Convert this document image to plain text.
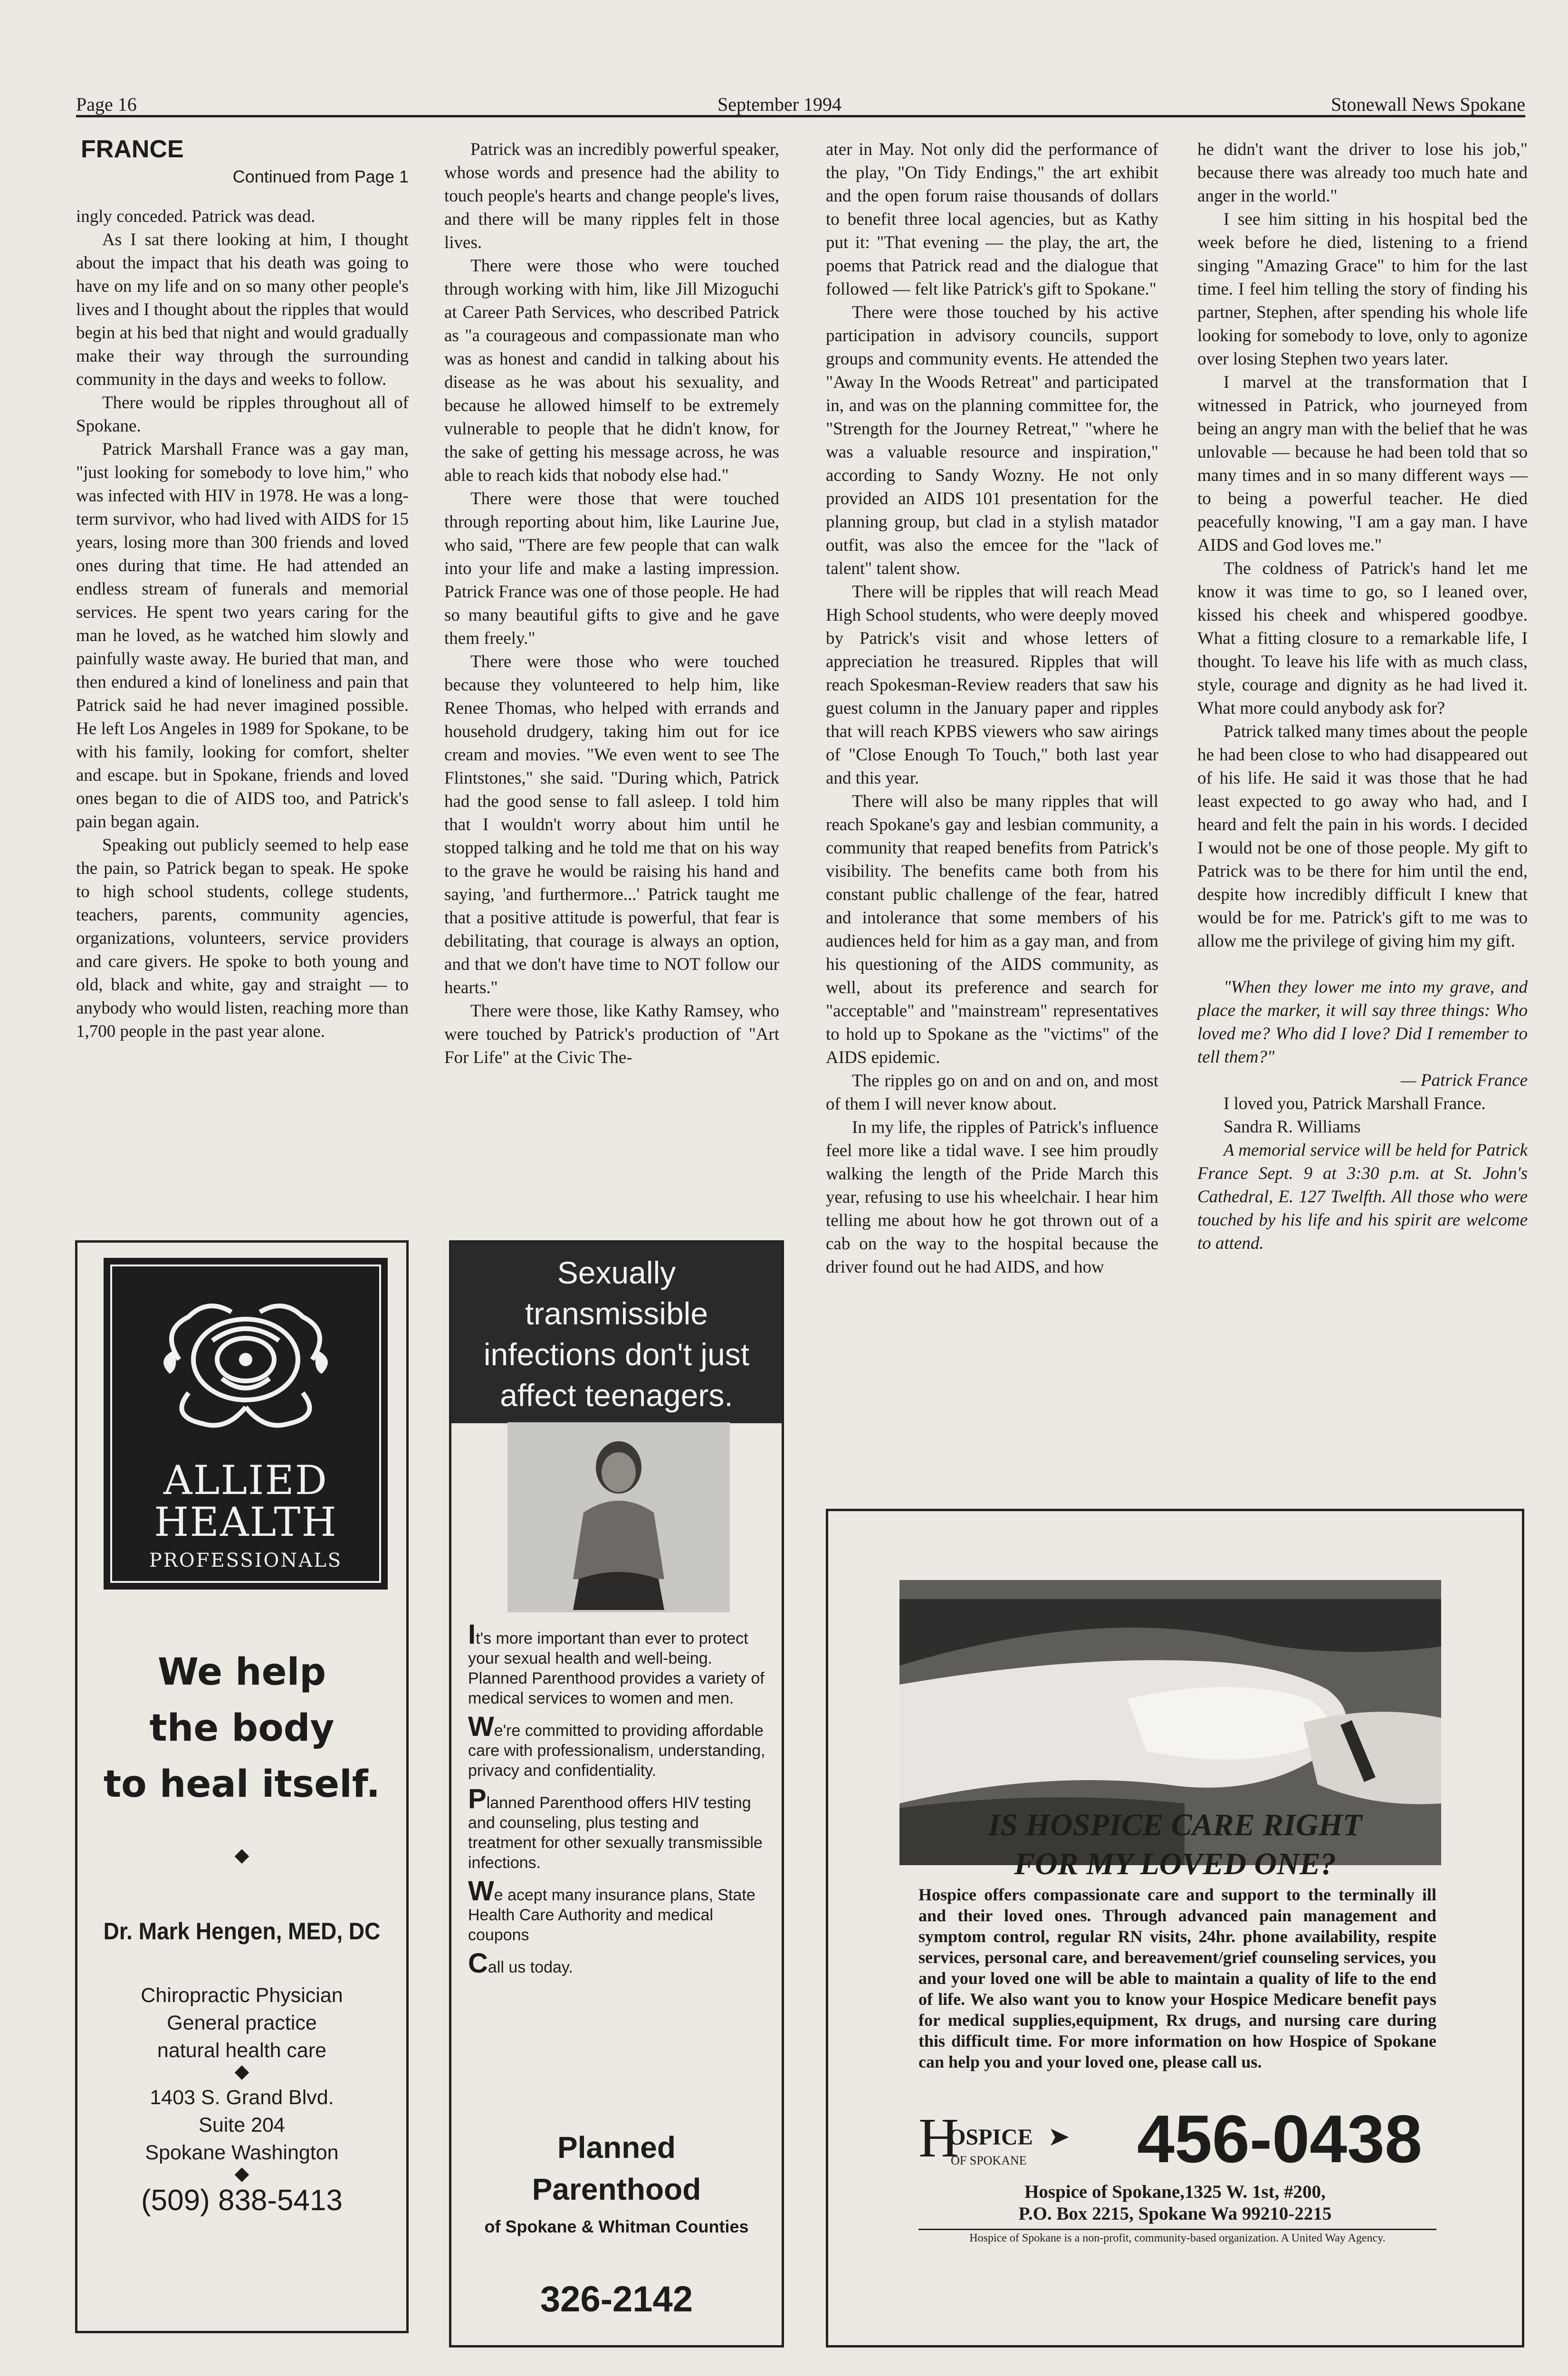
Page 16	September 1994	Stonewall News Spokane
FRANCE
Continued from Page 1

ingly conceded. Patrick was dead.

As I sat there looking at him, I thought about the impact that his death was going to have on my life and on so many other people's lives and I thought about the ripples that would begin at his bed that night and would gradually make their way through the surrounding community in the days and weeks to follow.

There would be ripples throughout all of Spokane.

Patrick Marshall France was a gay man, "just looking for somebody to love him," who was infected with HIV in 1978. He was a long-term survivor, who had lived with AIDS for 15 years, losing more than 300 friends and loved ones during that time. He had attended an endless stream of funerals and memorial services. He spent two years caring for the man he loved, as he watched him slowly and painfully waste away. He buried that man, and then endured a kind of loneliness and pain that Patrick said he had never imagined possible. He left Los Angeles in 1989 for Spokane, to be with his family, looking for comfort, shelter and escape. but in Spokane, friends and loved ones began to die of AIDS too, and Patrick's pain began again.

Speaking out publicly seemed to help ease the pain, so Patrick began to speak. He spoke to high school students, college students, teachers, parents, community agencies, organizations, volunteers, service providers and care givers. He spoke to both young and old, black and white, gay and straight — to anybody who would listen, reaching more than 1,700 people in the past year alone.

Patrick was an incredibly powerful speaker, whose words and presence had the ability to touch people's hearts and change people's lives, and there will be many ripples felt in those lives.

There were those who were touched through working with him, like Jill Mizoguchi at Career Path Services, who described Patrick as "a courageous and compassionate man who was as honest and candid in talking about his disease as he was about his sexuality, and because he allowed himself to be extremely vulnerable to people that he didn't know, for the sake of getting his message across, he was able to reach kids that nobody else had."

There were those that were touched through reporting about him, like Laurine Jue, who said, "There are few people that can walk into your life and make a lasting impression. Patrick France was one of those people. He had so many beautiful gifts to give and he gave them freely."

There were those who were touched because they volunteered to help him, like Renee Thomas, who helped with errands and household drudgery, taking him out for ice cream and movies. "We even went to see The Flintstones," she said. "During which, Patrick had the good sense to fall asleep. I told him that I wouldn't worry about him until he stopped talking and he told me that on his way to the grave he would be raising his hand and saying, 'and furthermore...' Patrick taught me that a positive attitude is powerful, that fear is debilitating, that courage is always an option, and that we don't have time to NOT follow our hearts."

There were those, like Kathy Ramsey, who were touched by Patrick's production of "Art For Life" at the Civic The-

ater in May. Not only did the performance of the play, "On Tidy Endings," the art exhibit and the open forum raise thousands of dollars to benefit three local agencies, but as Kathy put it: "That evening — the play, the art, the poems that Patrick read and the dialogue that followed — felt like Patrick's gift to Spokane."

There were those touched by his active participation in advisory councils, support groups and community events. He attended the "Away In the Woods Retreat" and participated in, and was on the planning committee for, the "Strength for the Journey Retreat," "where he was a valuable resource and inspiration," according to Sandy Wozny. He not only provided an AIDS 101 presentation for the planning group, but clad in a stylish matador outfit, was also the emcee for the "lack of talent" talent show.

There will be ripples that will reach Mead High School students, who were deeply moved by Patrick's visit and whose letters of appreciation he treasured. Ripples that will reach Spokesman-Review readers that saw his guest column in the January paper and ripples that will reach KPBS viewers who saw airings of "Close Enough To Touch," both last year and this year.

There will also be many ripples that will reach Spokane's gay and lesbian community, a community that reaped benefits from Patrick's visibility. The benefits came both from his constant public challenge of the fear, hatred and intolerance that some members of his audiences held for him as a gay man, and from his questioning of the AIDS community, as well, about its preference and search for "acceptable" and "mainstream" representatives to hold up to Spokane as the "victims" of the AIDS epidemic.

The ripples go on and on and on, and most of them I will never know about.

In my life, the ripples of Patrick's influence feel more like a tidal wave. I see him proudly walking the length of the Pride March this year, refusing to use his wheelchair. I hear him telling me about how he got thrown out of a cab on the way to the hospital because the driver found out he had AIDS, and how

he didn't want the driver to lose his job," because there was already too much hate and anger in the world."

I see him sitting in his hospital bed the week before he died, listening to a friend singing "Amazing Grace" to him for the last time. I feel him telling the story of finding his partner, Stephen, after spending his whole life looking for somebody to love, only to agonize over losing Stephen two years later.

I marvel at the transformation that I witnessed in Patrick, who journeyed from being an angry man with the belief that he was unlovable — because he had been told that so many times and in so many different ways — to being a powerful teacher. He died peacefully knowing, "I am a gay man. I have AIDS and God loves me."

The coldness of Patrick's hand let me know it was time to go, so I leaned over, kissed his cheek and whispered goodbye. What a fitting closure to a remarkable life, I thought. To leave his life with as much class, style, courage and dignity as he had lived it. What more could anybody ask for?

Patrick talked many times about the people he had been close to who had disappeared out of his life. He said it was those that he had least expected to go away who had, and I heard and felt the pain in his words. I decided I would not be one of those people. My gift to Patrick was to be there for him until the end, despite how incredibly difficult I knew that would be for me. Patrick's gift to me was to allow me the privilege of giving him my gift.

"When they lower me into my grave, and place the marker, it will say three things: Who loved me? Who did I love? Did I remember to tell them?"

— Patrick France

I loved you, Patrick Marshall France.

Sandra R. Williams

A memorial service will be held for Patrick France Sept. 9 at 3:30 p.m. at St. John's Cathedral, E. 127 Twelfth. All those who were touched by his life and his spirit are welcome to attend.

ALLIED
HEALTH
PROFESSIONALS
We help
the body
to heal itself.
◆
Dr. Mark Hengen, MED, DC
Chiropractic Physician
General practice
natural health care
◆
1403 S. Grand Blvd.
Suite 204
Spokane Washington
(509) 838-5413
◆
Sexually
transmissible
infections don't just
affect teenagers.

It's more important than ever to protect your sexual health and well-being. Planned Parenthood provides a variety of medical services to women and men.

We're committed to providing affordable care with professionalism, understanding, privacy and confidentiality.

Planned Parenthood offers HIV testing and counseling, plus testing and treatment for other sexually transmissible infections.

We acept many insurance plans, State Health Care Authority and medical coupons

Call us today.

Planned
Parenthood
of Spokane & Whitman Counties
326-2142
IS HOSPICE CARE RIGHT
FOR MY LOVED ONE?
Hospice offers compassionate care and support to the terminally ill and their loved ones. Through advanced pain management and symptom control, regular RN visits, 24hr. phone availability, respite services, personal care, and bereavement/grief counseling services, you and your loved one will be able to maintain a quality of life to the end of life. We also want you to know your Hospice Medicare benefit pays for medical supplies,equipment, Rx drugs, and nursing care during this difficult time. For more information on how Hospice of Spokane can help you and your loved one, please call us.
H
OSPICE
OF SPOKANE
➤ 456-0438
Hospice of Spokane,1325 W. 1st, #200,
P.O. Box 2215, Spokane Wa 99210-2215
Hospice of Spokane is a non-profit, community-based organization. A United Way Agency.
